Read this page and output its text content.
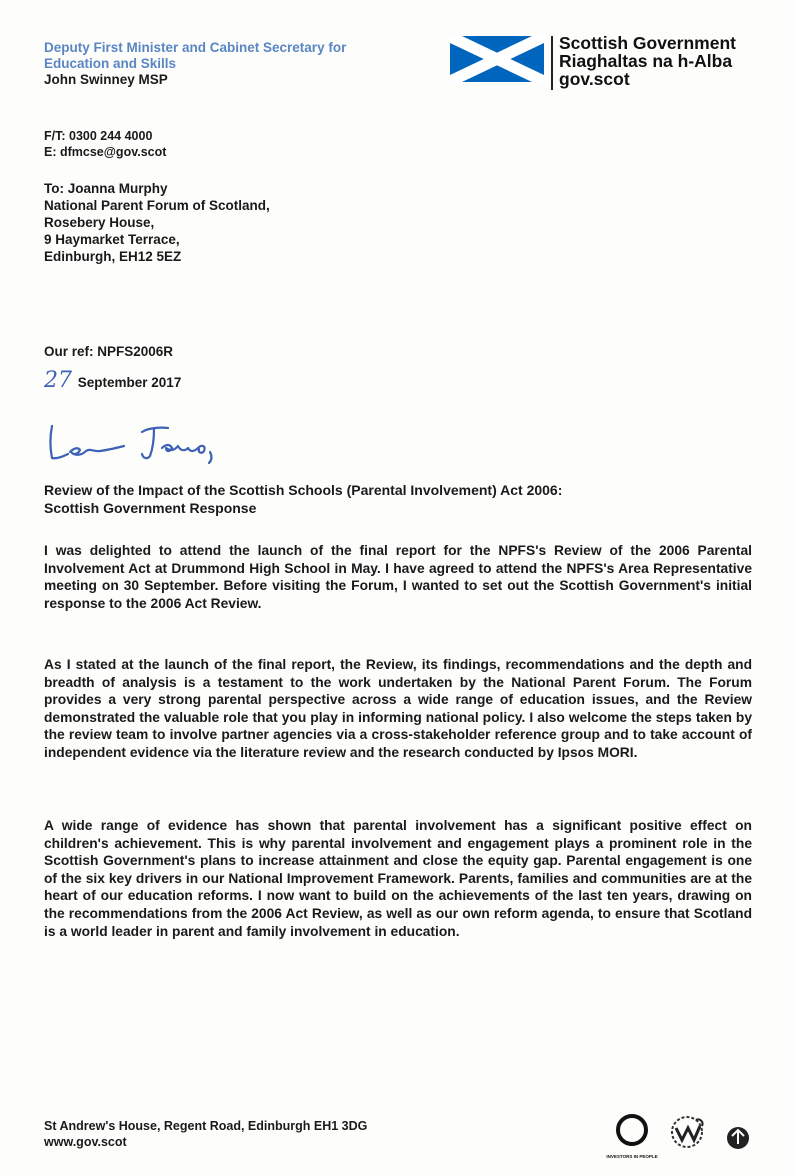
Deputy First Minister and Cabinet Secretary for
Education and Skills
John Swinney MSP
Scottish Government
Riaghaltas na h-Alba
gov.scot
F/T: 0300 244 4000
E: dfmcse@gov.scot
To: Joanna Murphy
National Parent Forum of Scotland,
Rosebery House,
9 Haymarket Terrace,
Edinburgh, EH12 5EZ
Our ref: NPFS2006R
27 September 2017
Review of the Impact of the Scottish Schools (Parental Involvement) Act 2006:
Scottish Government Response

I was delighted to attend the launch of the final report for the NPFS's Review of the 2006 Parental Involvement Act at Drummond High School in May. I have agreed to attend the NPFS's Area Representative meeting on 30 September. Before visiting the Forum, I wanted to set out the Scottish Government's initial response to the 2006 Act Review.

As I stated at the launch of the final report, the Review, its findings, recommendations and the depth and breadth of analysis is a testament to the work undertaken by the National Parent Forum. The Forum provides a very strong parental perspective across a wide range of education issues, and the Review demonstrated the valuable role that you play in informing national policy. I also welcome the steps taken by the review team to involve partner agencies via a cross-stakeholder reference group and to take account of independent evidence via the literature review and the research conducted by Ipsos MORI.

A wide range of evidence has shown that parental involvement has a significant positive effect on children's achievement. This is why parental involvement and engagement plays a prominent role in the Scottish Government's plans to increase attainment and close the equity gap. Parental engagement is one of the six key drivers in our National Improvement Framework. Parents, families and communities are at the heart of our education reforms. I now want to build on the achievements of the last ten years, drawing on the recommendations from the 2006 Act Review, as well as our own reform agenda, to ensure that Scotland is a world leader in parent and family involvement in education.

St Andrew's House, Regent Road, Edinburgh EH1 3DG
www.gov.scot
INVESTORS IN PEOPLE
